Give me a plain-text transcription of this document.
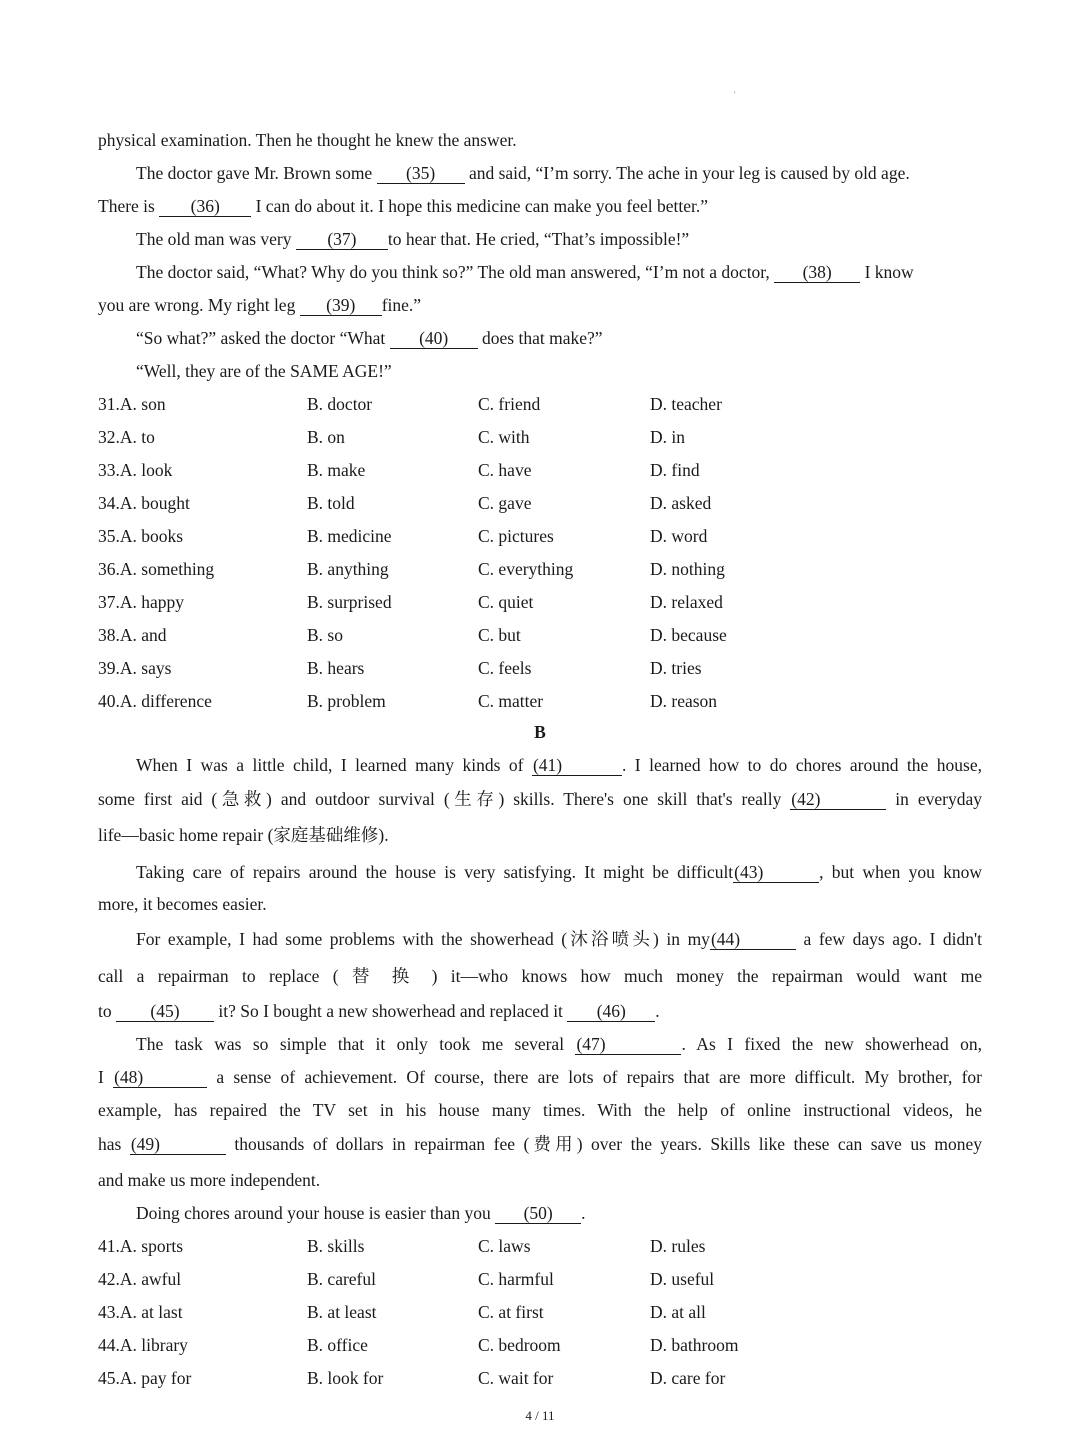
'
physical examination. Then he thought he knew the answer.
The doctor gave Mr. Brown some (35) and said, “I’m sorry. The ache in your leg is caused by old age.
There is (36) I can do about it. I hope this medicine can make you feel better.”
The old man was very (37) to hear that. He cried, “That’s impossible!”
The doctor said, “What? Why do you think so?” The old man answered, “I’m not a doctor, (38) I know
you are wrong. My right leg (39) fine.”
“So what?” asked the doctor “What (40) does that make?”
“Well, they are of the SAME AGE!”
31.A. son	B. doctor	C. friend	D. teacher
32.A. to	B. on	C. with	D. in
33.A. look	B. make	C. have	D. find
34.A. bought	B. told	C. gave	D. asked
35.A. books	B. medicine	C. pictures	D. word
36.A. something	B. anything	C. everything	D. nothing
37.A. happy	B. surprised	C. quiet	D. relaxed
38.A. and	B. so	C. but	D. because
39.A. says	B. hears	C. feels	D. tries
40.A. difference	B. problem	C. matter	D. reason
B
When I was a little child, I learned many kinds of (41)	. I learned how to do chores around the house,
some first aid (急救) and outdoor survival (生存) skills. There's one skill that's really (42)	in everyday
life—basic home repair (家庭基础维修).
Taking care of repairs around the house is very satisfying. It might be difficult(43)	, but when you know
more, it becomes easier.
For example, I had some problems with the showerhead (沐浴喷头) in my(44)	a few days ago. I didn't
call a repairman to replace ( 替 换 ) it—who knows how much money the repairman would want me
to (45) it? So I bought a new showerhead and replaced it (46) .
The task was so simple that it only took me several (47)	. As I fixed the new showerhead on,
I (48)	a sense of achievement. Of course, there are lots of repairs that are more difficult. My brother, for
example, has repaired the TV set in his house many times. With the help of online instructional videos, he
has (49)	thousands of dollars in repairman fee (费用) over the years. Skills like these can save us money
and make us more independent.
Doing chores around your house is easier than you (50) .
41.A. sports	B. skills	C. laws	D. rules
42.A. awful	B. careful	C. harmful	D. useful
43.A. at last	B. at least	C. at first	D. at all
44.A. library	B. office	C. bedroom	D. bathroom
45.A. pay for	B. look for	C. wait for	D. care for
4 / 11
